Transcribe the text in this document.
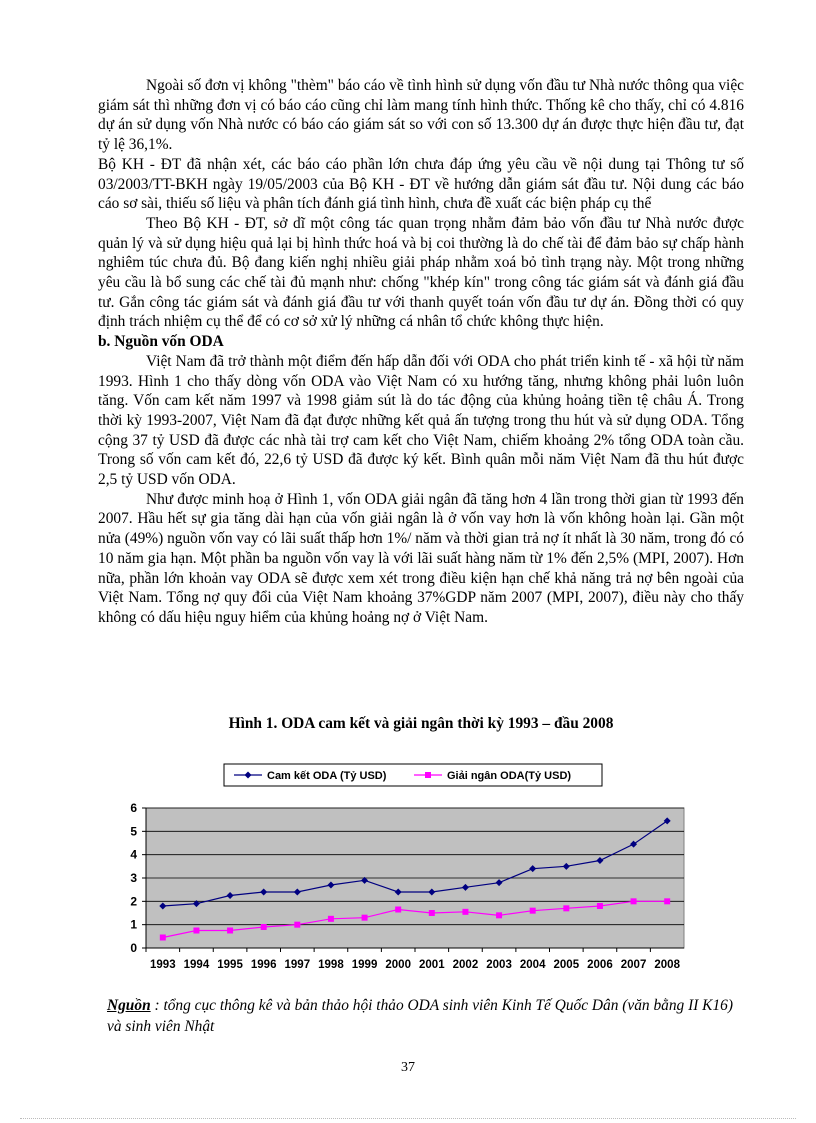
Ngoài số đơn vị không "thèm" báo cáo về tình hình sử dụng vốn đầu tư Nhà nước thông qua việc giám sát thì những đơn vị có báo cáo cũng chỉ làm mang tính hình thức. Thống kê cho thấy, chỉ có 4.816 dự án sử dụng vốn Nhà nước có báo cáo giám sát so với con số 13.300 dự án được thực hiện đầu tư, đạt tỷ lệ 36,1%.

Bộ KH - ĐT đã nhận xét, các báo cáo phần lớn chưa đáp ứng yêu cầu về nội dung tại Thông tư số 03/2003/TT-BKH ngày 19/05/2003 của Bộ KH - ĐT về hướng dẫn giám sát đầu tư. Nội dung các báo cáo sơ sài, thiếu số liệu và phân tích đánh giá tình hình, chưa đề xuất các biện pháp cụ thể

Theo Bộ KH - ĐT, sở dĩ một công tác quan trọng nhằm đảm bảo vốn đầu tư Nhà nước được quản lý và sử dụng hiệu quả lại bị hình thức hoá và bị coi thường là do chế tài để đảm bảo sự chấp hành nghiêm túc chưa đủ. Bộ đang kiến nghị nhiều giải pháp nhằm xoá bỏ tình trạng này. Một trong những yêu cầu là bổ sung các chế tài đủ mạnh như: chống "khép kín" trong công tác giám sát và đánh giá đầu tư. Gắn công tác giám sát và đánh giá đầu tư với thanh quyết toán vốn đầu tư dự án. Đồng thời có quy định trách nhiệm cụ thể để có cơ sở xử lý những cá nhân tổ chức không thực hiện.

b. Nguồn vốn ODA

Việt Nam đã trở thành một điểm đến hấp dẫn đối với ODA cho phát triển kinh tế - xã hội từ năm 1993. Hình 1 cho thấy dòng vốn ODA vào Việt Nam có xu hướng tăng, nhưng không phải luôn luôn tăng. Vốn cam kết năm 1997 và 1998 giảm sút là do tác động của khủng hoảng tiền tệ châu Á. Trong thời kỳ 1993-2007, Việt Nam đã đạt được những kết quả ấn tượng trong thu hút và sử dụng ODA. Tổng cộng 37 tỷ USD đã được các nhà tài trợ cam kết cho Việt Nam, chiếm khoảng 2% tổng ODA toàn cầu. Trong số vốn cam kết đó, 22,6 tỷ USD đã được ký kết. Bình quân mỗi năm Việt Nam đã thu hút được 2,5 tỷ USD vốn ODA.

Như được minh hoạ ở Hình 1, vốn ODA giải ngân đã tăng hơn 4 lần trong thời gian từ 1993 đến 2007. Hầu hết sự gia tăng dài hạn của vốn giải ngân là ở vốn vay hơn là vốn không hoàn lại. Gần một nửa (49%) nguồn vốn vay có lãi suất thấp hơn 1%/ năm và thời gian trả nợ ít nhất là 30 năm, trong đó có 10 năm gia hạn. Một phần ba nguồn vốn vay là với lãi suất hàng năm từ 1% đến 2,5% (MPI, 2007). Hơn nữa, phần lớn khoản vay ODA sẽ được xem xét trong điều kiện hạn chế khả năng trả nợ bên ngoài của Việt Nam. Tổng nợ quy đổi của Việt Nam khoảng 37%GDP năm 2007 (MPI, 2007), điều này cho thấy không có dấu hiệu nguy hiểm của khủng hoảng nợ ở Việt Nam.

Hình 1. ODA cam kết và giải ngân thời kỳ 1993 – đầu 2008
Cam kết ODA (Tỷ USD)	Giải ngân ODA(Tỷ USD)
0
1
2
3
4
5
6
1993 1994 1995 1996 1997 1998 1999 2000 2001 2002 2003 2004 2005 2006 2007 2008
Nguồn : tổng cục thông kê và bản thảo hội thảo ODA sinh viên Kinh Tế Quốc Dân (văn bằng II K16) và sinh viên Nhật
37
